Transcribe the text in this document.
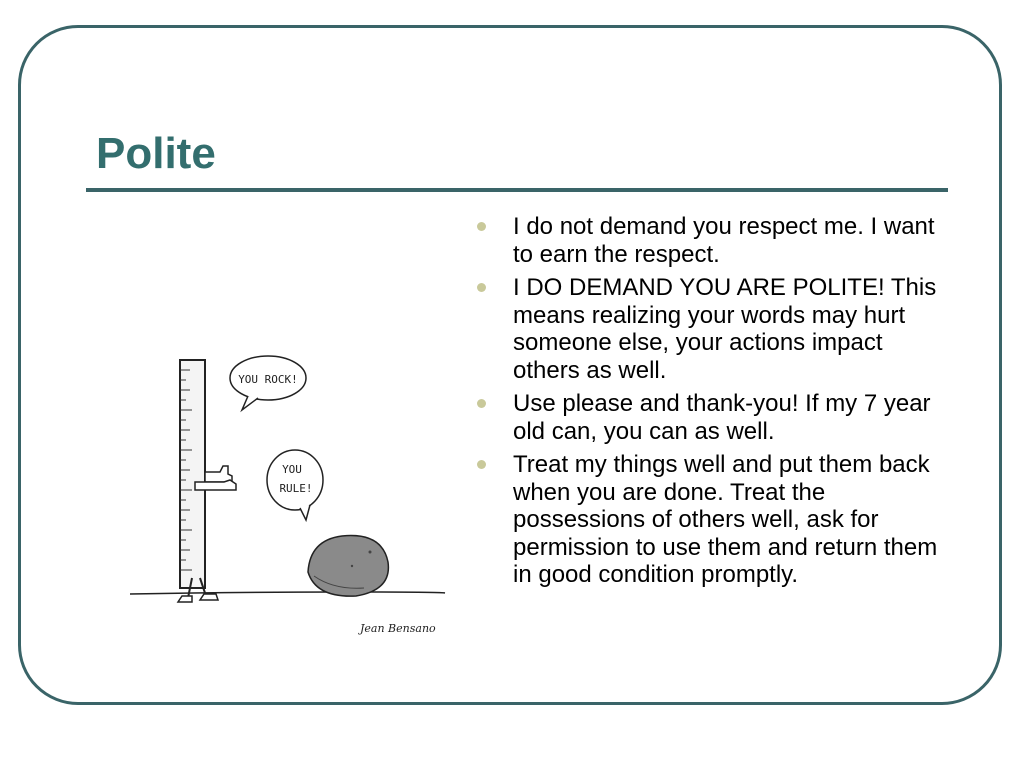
Polite
YOU ROCK!
YOU
RULE!
Jean Bensano
I do not demand you respect me. I want to earn the respect.
I DO DEMAND YOU ARE POLITE! This means realizing your words may hurt someone else, your actions impact others as well.
Use please and thank-you! If my 7 year old can, you can as well.
Treat my things well and put them back when you are done. Treat the possessions of others well, ask for permission to use them and return them in good condition promptly.
